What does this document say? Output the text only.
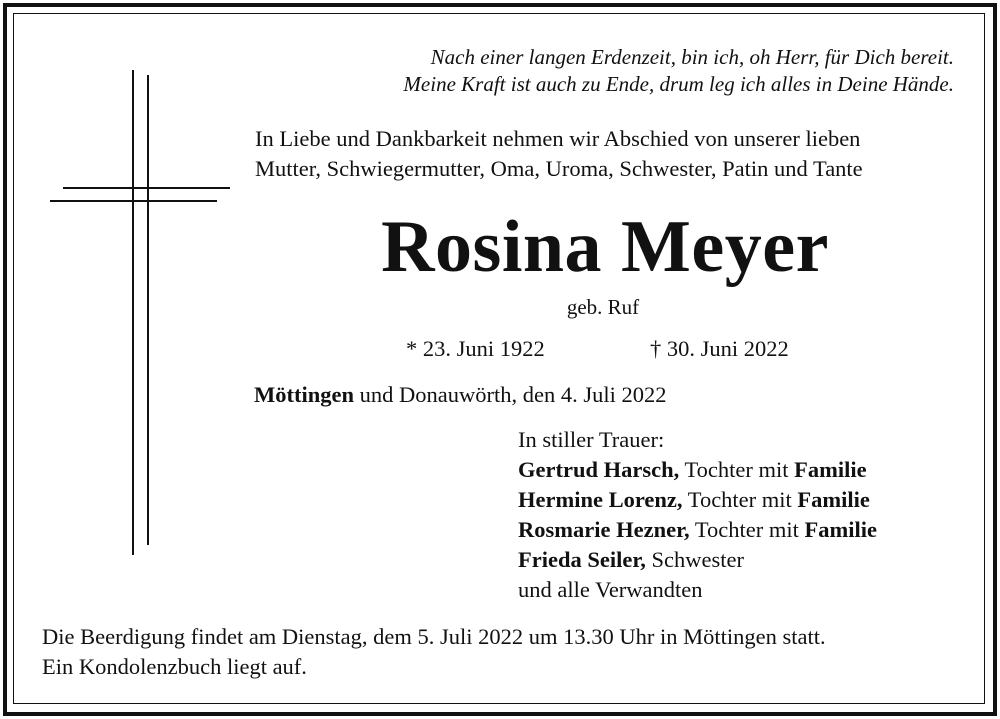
Nach einer langen Erdenzeit, bin ich, oh Herr, für Dich bereit.
Meine Kraft ist auch zu Ende, drum leg ich alles in Deine Hände.
In Liebe und Dankbarkeit nehmen wir Abschied von unserer lieben
Mutter, Schwiegermutter, Oma, Uroma, Schwester, Patin und Tante
Rosina Meyer
geb. Ruf
* 23. Juni 1922	† 30. Juni 2022
Möttingen und Donauwörth, den 4. Juli 2022
In stiller Trauer:
Gertrud Harsch, Tochter mit Familie
Hermine Lorenz, Tochter mit Familie
Rosmarie Hezner, Tochter mit Familie
Frieda Seiler, Schwester
und alle Verwandten
Die Beerdigung findet am Dienstag, dem 5. Juli 2022 um 13.30 Uhr in Möttingen statt.
Ein Kondolenzbuch liegt auf.
